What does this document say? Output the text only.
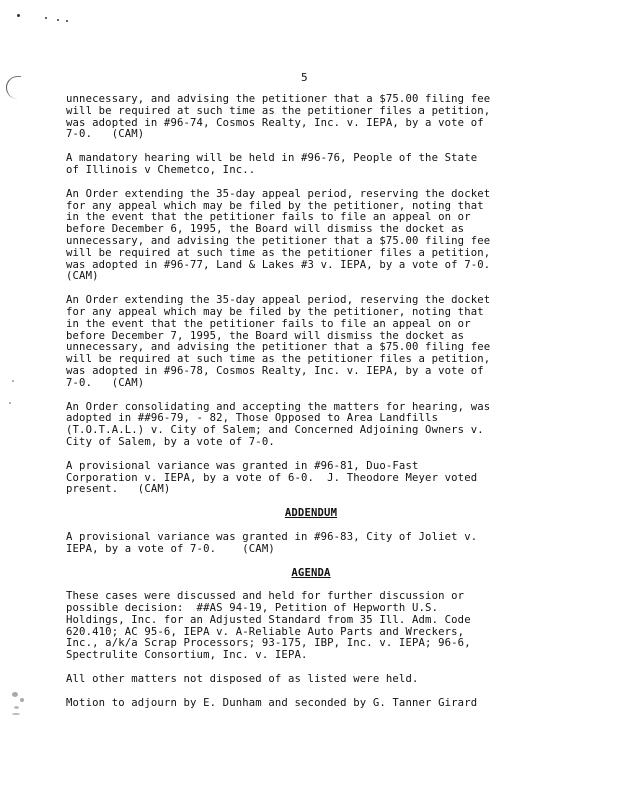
5

unnecessary, and advising the petitioner that a $75.00 filing fee
will be required at such time as the petitioner files a petition,
was adopted in #96-74, Cosmos Realty, Inc. v. IEPA, by a vote of
7-0.   (CAM)

A mandatory hearing will be held in #96-76, People of the State
of Illinois v Chemetco, Inc..

An Order extending the 35-day appeal period, reserving the docket
for any appeal which may be filed by the petitioner, noting that
in the event that the petitioner fails to file an appeal on or
before December 6, 1995, the Board will dismiss the docket as
unnecessary, and advising the petitioner that a $75.00 filing fee
will be required at such time as the petitioner files a petition,
was adopted in #96-77, Land & Lakes #3 v. IEPA, by a vote of 7-0.
(CAM)

An Order extending the 35-day appeal period, reserving the docket
for any appeal which may be filed by the petitioner, noting that
in the event that the petitioner fails to file an appeal on or
before December 7, 1995, the Board will dismiss the docket as
unnecessary, and advising the petitioner that a $75.00 filing fee
will be required at such time as the petitioner files a petition,
was adopted in #96-78, Cosmos Realty, Inc. v. IEPA, by a vote of
7-0.   (CAM)

An Order consolidating and accepting the matters for hearing, was
adopted in ##96-79, - 82, Those Opposed to Area Landfills
(T.O.T.A.L.) v. City of Salem; and Concerned Adjoining Owners v.
City of Salem, by a vote of 7-0.

A provisional variance was granted in #96-81, Duo-Fast
Corporation v. IEPA, by a vote of 6-0.  J. Theodore Meyer voted
present.   (CAM)

ADDENDUM

A provisional variance was granted in #96-83, City of Joliet v.
IEPA, by a vote of 7-0.    (CAM)

AGENDA

These cases were discussed and held for further discussion or
possible decision:  ##AS 94-19, Petition of Hepworth U.S.
Holdings, Inc. for an Adjusted Standard from 35 Ill. Adm. Code
620.410; AC 95-6, IEPA v. A-Reliable Auto Parts and Wreckers,
Inc., a/k/a Scrap Processors; 93-175, IBP, Inc. v. IEPA; 96-6,
Spectrulite Consortium, Inc. v. IEPA.

All other matters not disposed of as listed were held.

Motion to adjourn by E. Dunham and seconded by G. Tanner Girard
